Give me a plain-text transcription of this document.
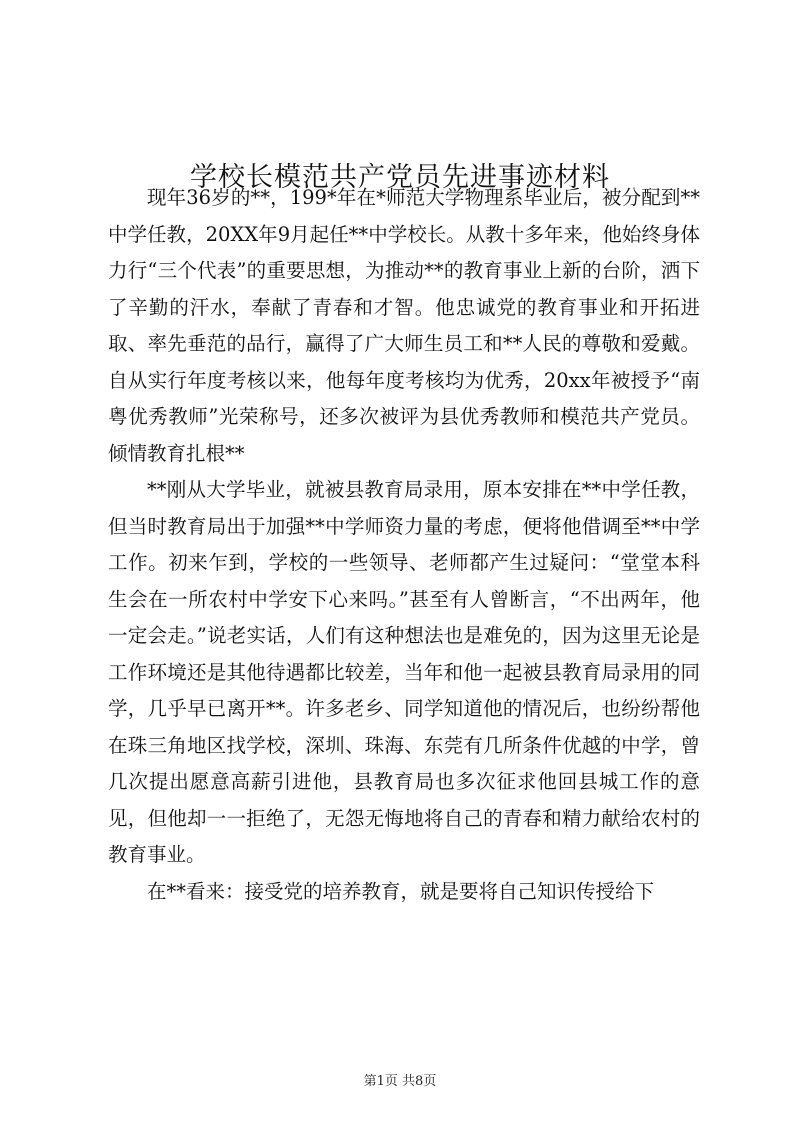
学校长模范共产党员先进事迹材料

现年36岁的**，199*年在*师范大学物理系毕业后，被分配到**中学任教，20XX年9月起任**中学校长。从教十多年来，他始终身体力行“三个代表”的重要思想，为推动**的教育事业上新的台阶，洒下了辛勤的汗水，奉献了青春和才智。他忠诚党的教育事业和开拓进取、率先垂范的品行，赢得了广大师生员工和**人民的尊敬和爱戴。自从实行年度考核以来，他每年度考核均为优秀，20xx年被授予“南粤优秀教师”光荣称号，还多次被评为县优秀教师和模范共产党员。倾情教育扎根**

**刚从大学毕业，就被县教育局录用，原本安排在**中学任教，但当时教育局出于加强**中学师资力量的考虑，便将他借调至**中学工作。初来乍到，学校的一些领导、老师都产生过疑问：“堂堂本科生会在一所农村中学安下心来吗。”甚至有人曾断言，“不出两年，他一定会走。”说老实话，人们有这种想法也是难免的，因为这里无论是工作环境还是其他待遇都比较差，当年和他一起被县教育局录用的同学，几乎早已离开**。许多老乡、同学知道他的情况后，也纷纷帮他在珠三角地区找学校，深圳、珠海、东莞有几所条件优越的中学，曾几次提出愿意高薪引进他，县教育局也多次征求他回县城工作的意见，但他却一一拒绝了，无怨无悔地将自己的青春和精力献给农村的教育事业。

在**看来：接受党的培养教育，就是要将自己知识传授给下

第1页 共8页
